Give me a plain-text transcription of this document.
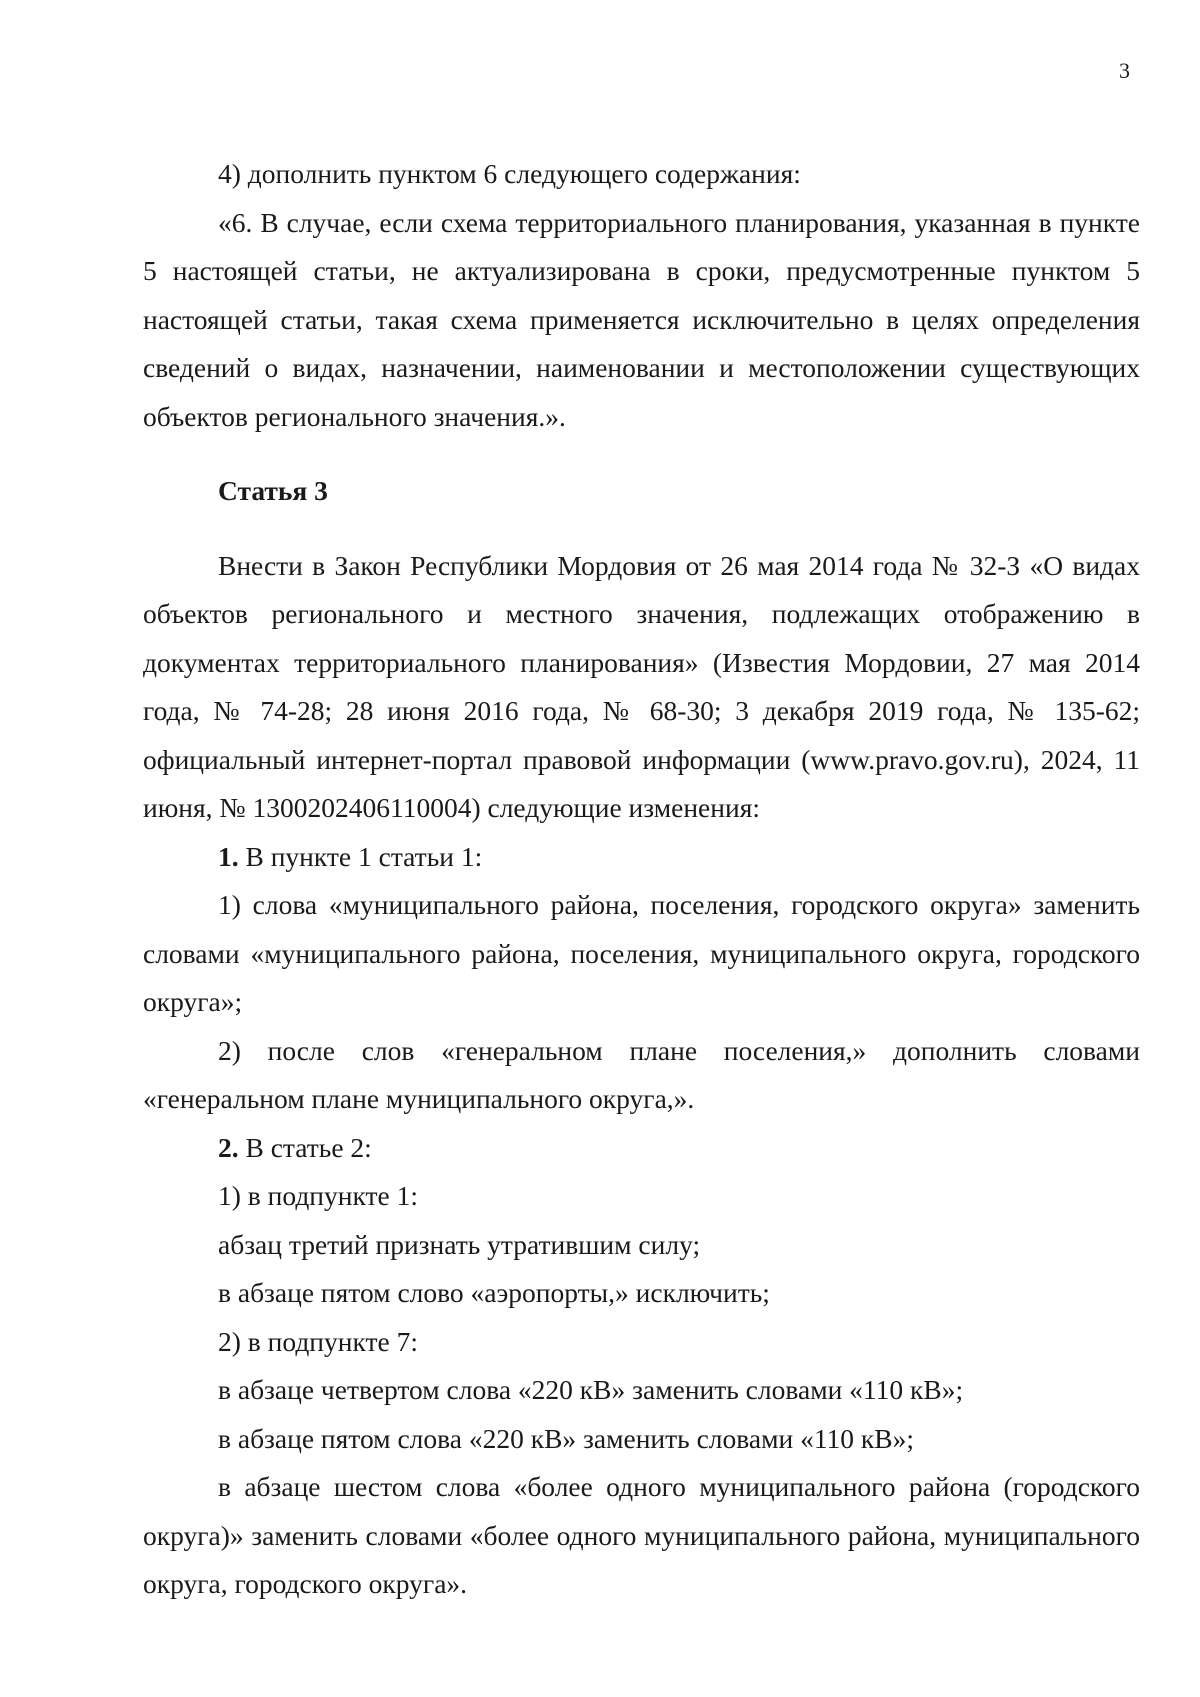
3

4) дополнить пунктом 6 следующего содержания:

«6. В случае, если схема территориального планирования, указанная в пункте 5 настоящей статьи, не актуализирована в сроки, предусмотренные пунктом 5 настоящей статьи, такая схема применяется исключительно в целях определения сведений о видах, назначении, наименовании и местоположении существующих объектов регионального значения.».

Статья 3

Внести в Закон Республики Мордовия от 26 мая 2014 года № 32-З «О видах объектов регионального и местного значения, подлежащих отображению в документах территориального планирования» (Известия Мордовии, 27 мая 2014 года, № 74-28; 28 июня 2016 года, № 68-30; 3 декабря 2019 года, № 135-62; официальный интернет-портал правовой информации (www.pravo.gov.ru), 2024, 11 июня, № 1300202406110004) следующие изменения:

1. В пункте 1 статьи 1:

1) слова «муниципального района, поселения, городского округа» заменить словами «муниципального района, поселения, муниципального округа, городского округа»;

2) после слов «генеральном плане поселения,» дополнить словами «генеральном плане муниципального округа,».

2. В статье 2:

1) в подпункте 1:

абзац третий признать утратившим силу;

в абзаце пятом слово «аэропорты,» исключить;

2) в подпункте 7:

в абзаце четвертом слова «220 кВ» заменить словами «110 кВ»;

в абзаце пятом слова «220 кВ» заменить словами «110 кВ»;

в абзаце шестом слова «более одного муниципального района (городского округа)» заменить словами «более одного муниципального района, муниципального округа, городского округа».
